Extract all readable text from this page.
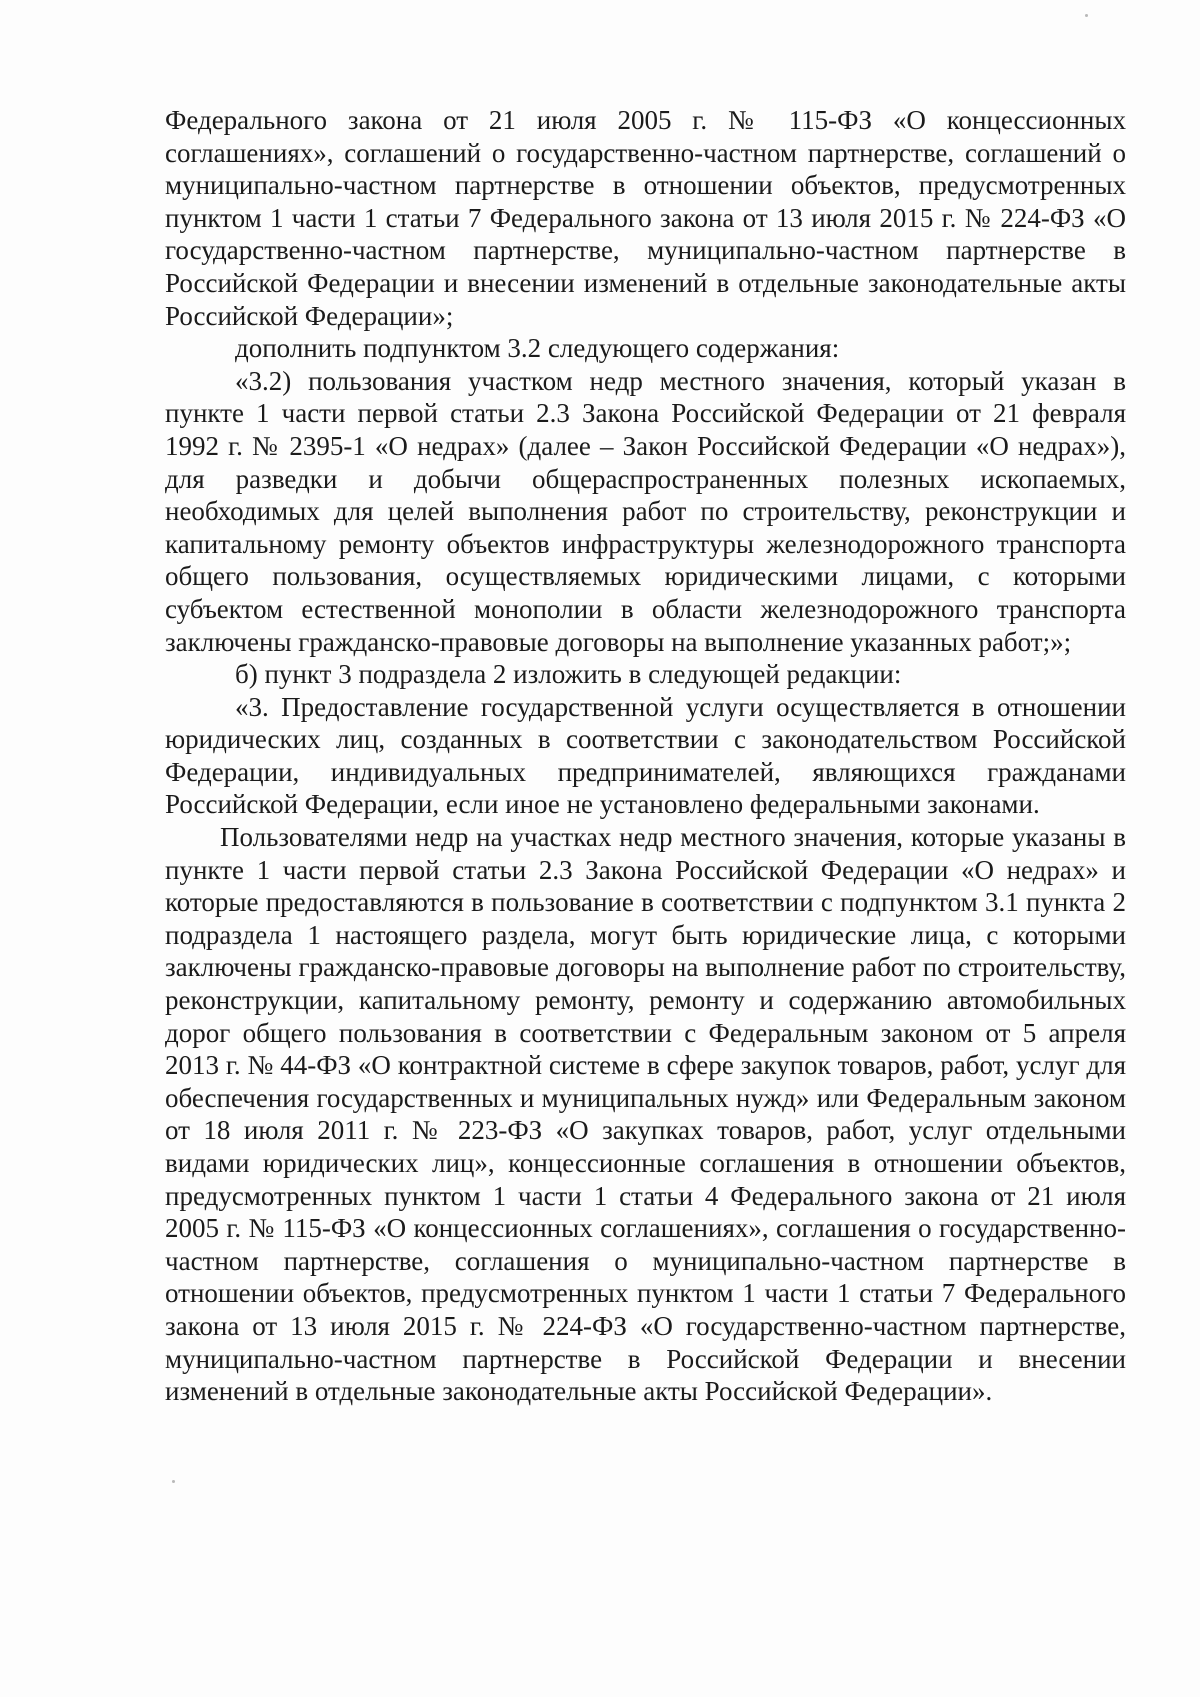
Федерального закона от 21 июля 2005 г. № 115-ФЗ «О концессионных соглашениях», соглашений о государственно-частном партнерстве, соглашений о муниципально-частном партнерстве в отношении объектов, предусмотренных пунктом 1 части 1 статьи 7 Федерального закона от 13 июля 2015 г. № 224-ФЗ «О государственно-частном партнерстве, муниципально-частном партнерстве в Российской Федерации и внесении изменений в отдельные законодательные акты Российской Федерации»;

дополнить подпунктом 3.2 следующего содержания:

«3.2) пользования участком недр местного значения, который указан в пункте 1 части первой статьи 2.3 Закона Российской Федерации от 21 февраля 1992 г. № 2395-1 «О недрах» (далее – Закон Российской Федерации «О недрах»), для разведки и добычи общераспространенных полезных ископаемых, необходимых для целей выполнения работ по строительству, реконструкции и капитальному ремонту объектов инфраструктуры железнодорожного транспорта общего пользования, осуществляемых юридическими лицами, с которыми субъектом естественной монополии в области железнодорожного транспорта заключены гражданско-правовые договоры на выполнение указанных работ;»;

б) пункт 3 подраздела 2 изложить в следующей редакции:

«3. Предоставление государственной услуги осуществляется в отношении юридических лиц, созданных в соответствии с законодательством Российской Федерации, индивидуальных предпринимателей, являющихся гражданами Российской Федерации, если иное не установлено федеральными законами.

Пользователями недр на участках недр местного значения, которые указаны в пункте 1 части первой статьи 2.3 Закона Российской Федерации «О недрах» и которые предоставляются в пользование в соответствии с подпунктом 3.1 пункта 2 подраздела 1 настоящего раздела, могут быть юридические лица, с которыми заключены гражданско-правовые договоры на выполнение работ по строительству, реконструкции, капитальному ремонту, ремонту и содержанию автомобильных дорог общего пользования в соответствии с Федеральным законом от 5 апреля 2013 г. № 44-ФЗ «О контрактной системе в сфере закупок товаров, работ, услуг для обеспечения государственных и муниципальных нужд» или Федеральным законом от 18 июля 2011 г. № 223-ФЗ «О закупках товаров, работ, услуг отдельными видами юридических лиц», концессионные соглашения в отношении объектов, предусмотренных пунктом 1 части 1 статьи 4 Федерального закона от 21 июля 2005 г. № 115-ФЗ «О концессионных соглашениях», соглашения о государственно-частном партнерстве, соглашения о муниципально-частном партнерстве в отношении объектов, предусмотренных пунктом 1 части 1 статьи 7 Федерального закона от 13 июля 2015 г. № 224-ФЗ «О государственно-частном партнерстве, муниципально-частном партнерстве в Российской Федерации и внесении изменений в отдельные законодательные акты Российской Федерации».
